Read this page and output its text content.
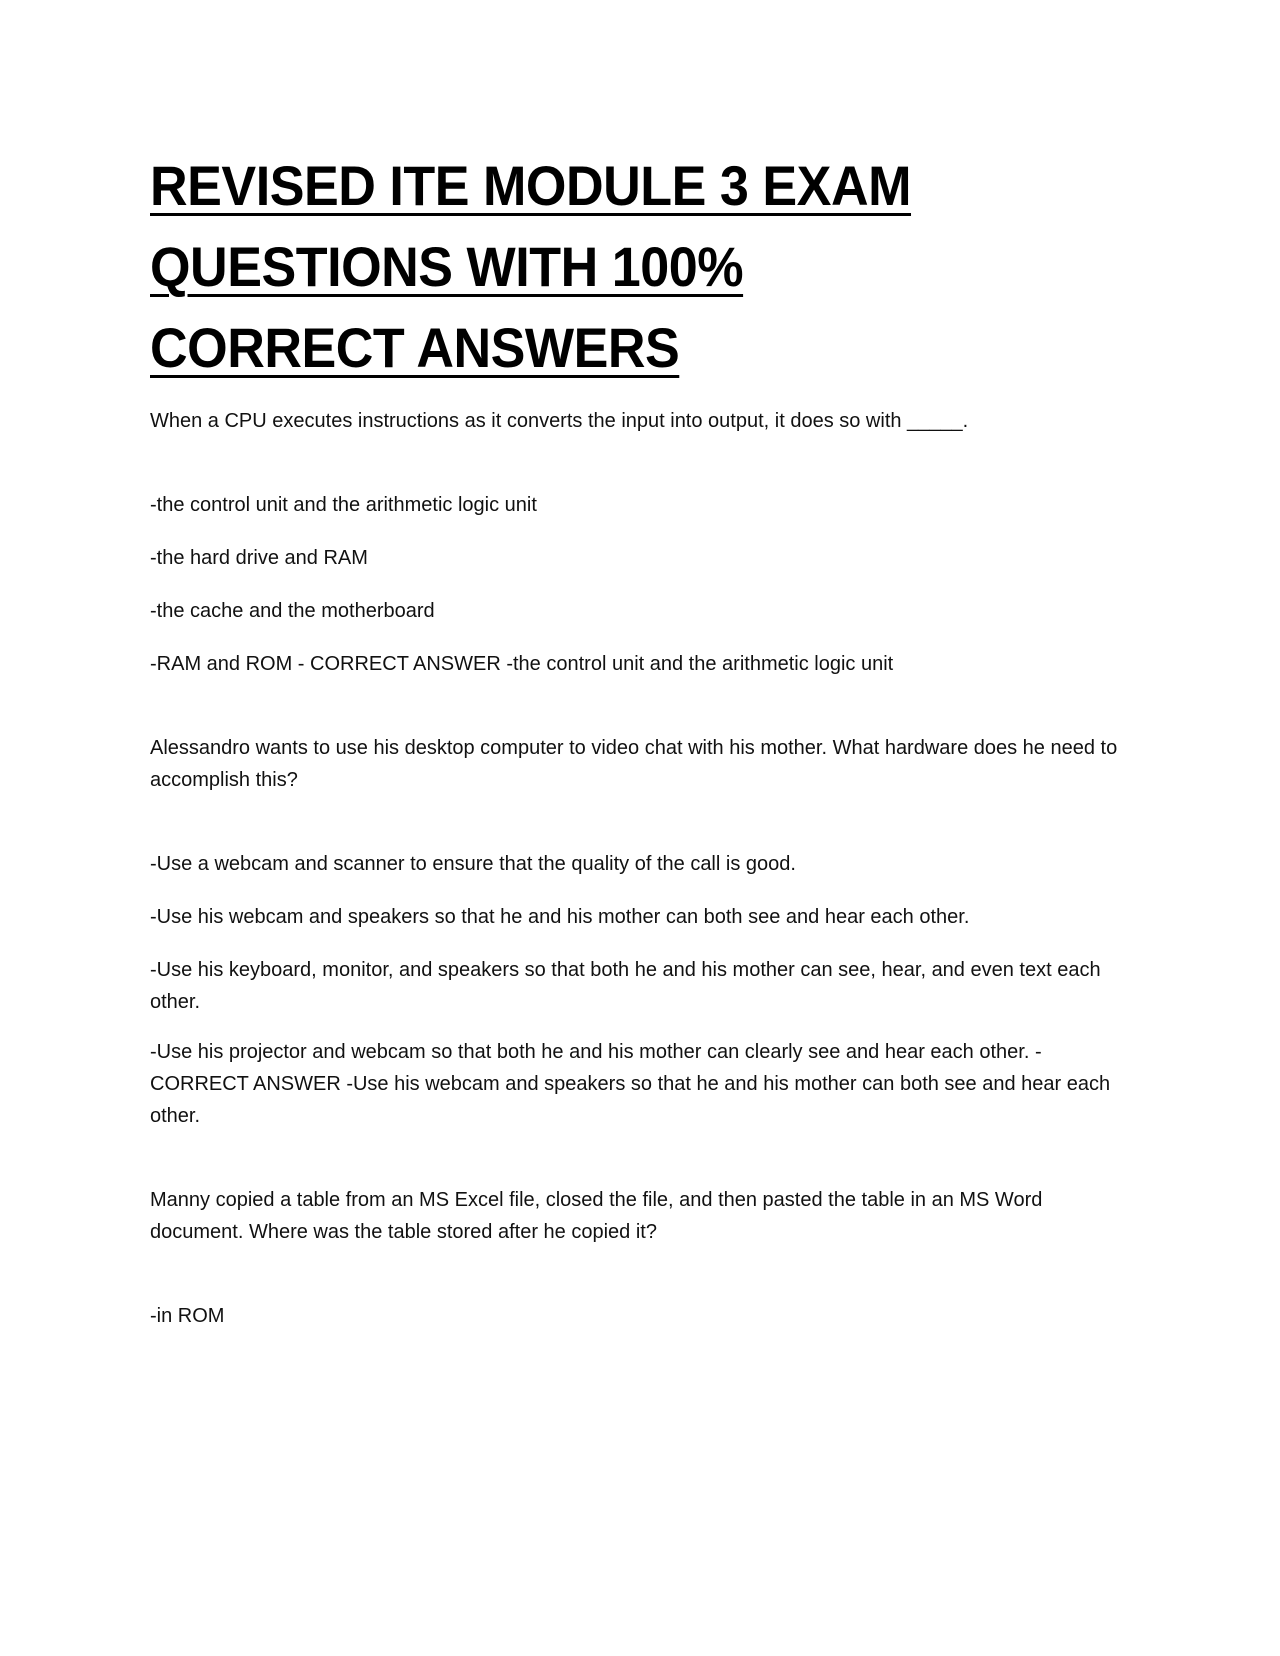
REVISED ITE MODULE 3 EXAM QUESTIONS WITH 100% CORRECT ANSWERS

When a CPU executes instructions as it converts the input into output, it does so with _____.

-the control unit and the arithmetic logic unit

-the hard drive and RAM

-the cache and the motherboard

-RAM and ROM - CORRECT ANSWER -the control unit and the arithmetic logic unit

Alessandro wants to use his desktop computer to video chat with his mother. What hardware does he need to accomplish this?

-Use a webcam and scanner to ensure that the quality of the call is good.

-Use his webcam and speakers so that he and his mother can both see and hear each other.

-Use his keyboard, monitor, and speakers so that both he and his mother can see, hear, and even text each other.

-Use his projector and webcam so that both he and his mother can clearly see and hear each other. - CORRECT ANSWER -Use his webcam and speakers so that he and his mother can both see and hear each other.

Manny copied a table from an MS Excel file, closed the file, and then pasted the table in an MS Word document. Where was the table stored after he copied it?

-in ROM
